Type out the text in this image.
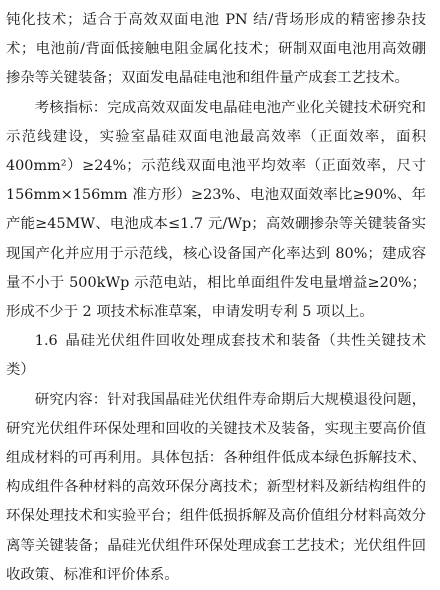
钝化技术；适合于高效双面电池 PN 结/背场形成的精密掺杂技术；电池前/背面低接触电阻金属化技术；研制双面电池用高效硼掺杂等关键装备；双面发电晶硅电池和组件量产成套工艺技术。

考核指标：完成高效双面发电晶硅电池产业化关键技术研究和示范线建设，实验室晶硅双面电池最高效率（正面效率，面积400mm²）≥24%；示范线双面电池平均效率（正面效率，尺寸156mm×156mm 准方形）≥23%、电池双面效率比≥90%、年产能≥45MW、电池成本≤1.7 元/Wp；高效硼掺杂等关键装备实现国产化并应用于示范线，核心设备国产化率达到 80%；建成容量不小于 500kWp 示范电站，相比单面组件发电量增益≥20%；形成不少于 2 项技术标准草案，申请发明专利 5 项以上。

1.6 晶硅光伏组件回收处理成套技术和装备（共性关键技术类）

研究内容：针对我国晶硅光伏组件寿命期后大规模退役问题，研究光伏组件环保处理和回收的关键技术及装备，实现主要高价值组成材料的可再利用。具体包括：各种组件低成本绿色拆解技术、构成组件各种材料的高效环保分离技术；新型材料及新结构组件的环保处理技术和实验平台；组件低损拆解及高价值组分材料高效分离等关键装备；晶硅光伏组件环保处理成套工艺技术；光伏组件回收政策、标准和评价体系。
